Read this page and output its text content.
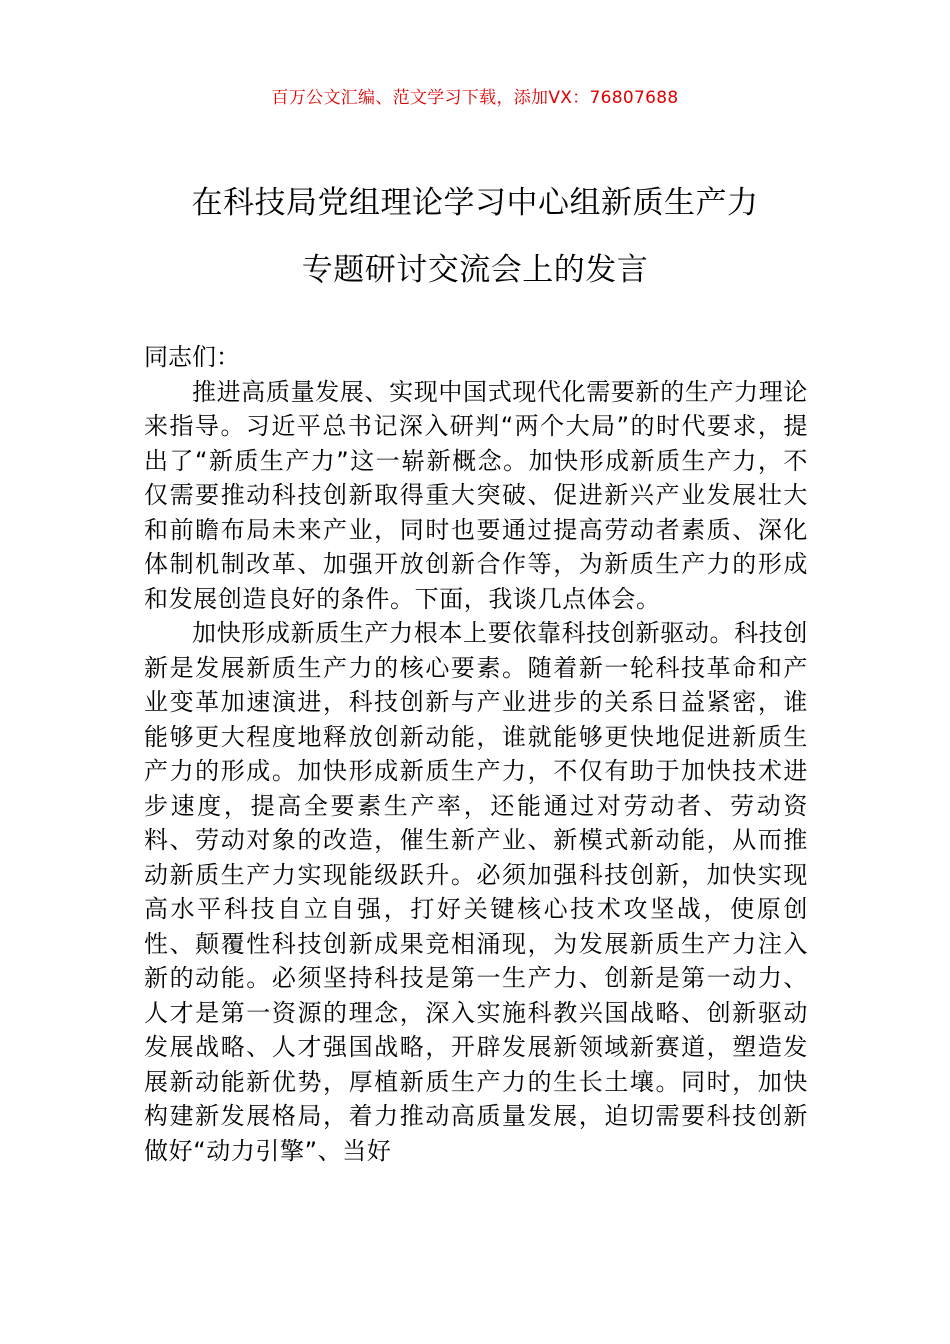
百万公文汇编、范文学习下载，添加VX：76807688
在科技局党组理论学习中心组新质生产力
专题研讨交流会上的发言

同志们：

推进高质量发展、实现中国式现代化需要新的生产力理论来指导。习近平总书记深入研判“两个大局”的时代要求，提出了“新质生产力”这一崭新概念。加快形成新质生产力，不仅需要推动科技创新取得重大突破、促进新兴产业发展壮大和前瞻布局未来产业，同时也要通过提高劳动者素质、深化体制机制改革、加强开放创新合作等，为新质生产力的形成和发展创造良好的条件。下面，我谈几点体会。

加快形成新质生产力根本上要依靠科技创新驱动。科技创新是发展新质生产力的核心要素。随着新一轮科技革命和产业变革加速演进，科技创新与产业进步的关系日益紧密，谁能够更大程度地释放创新动能，谁就能够更快地促进新质生产力的形成。加快形成新质生产力，不仅有助于加快技术进步速度，提高全要素生产率，还能通过对劳动者、劳动资料、劳动对象的改造，催生新产业、新模式新动能，从而推动新质生产力实现能级跃升。必须加强科技创新，加快实现高水平科技自立自强，打好关键核心技术攻坚战，使原创性、颠覆性科技创新成果竞相涌现，为发展新质生产力注入新的动能。必须坚持科技是第一生产力、创新是第一动力、人才是第一资源的理念，深入实施科教兴国战略、创新驱动发展战略、人才强国战略，开辟发展新领域新赛道，塑造发展新动能新优势，厚植新质生产力的生长土壤。同时，加快构建新发展格局，着力推动高质量发展，迫切需要科技创新做好“动力引擎”、当好
